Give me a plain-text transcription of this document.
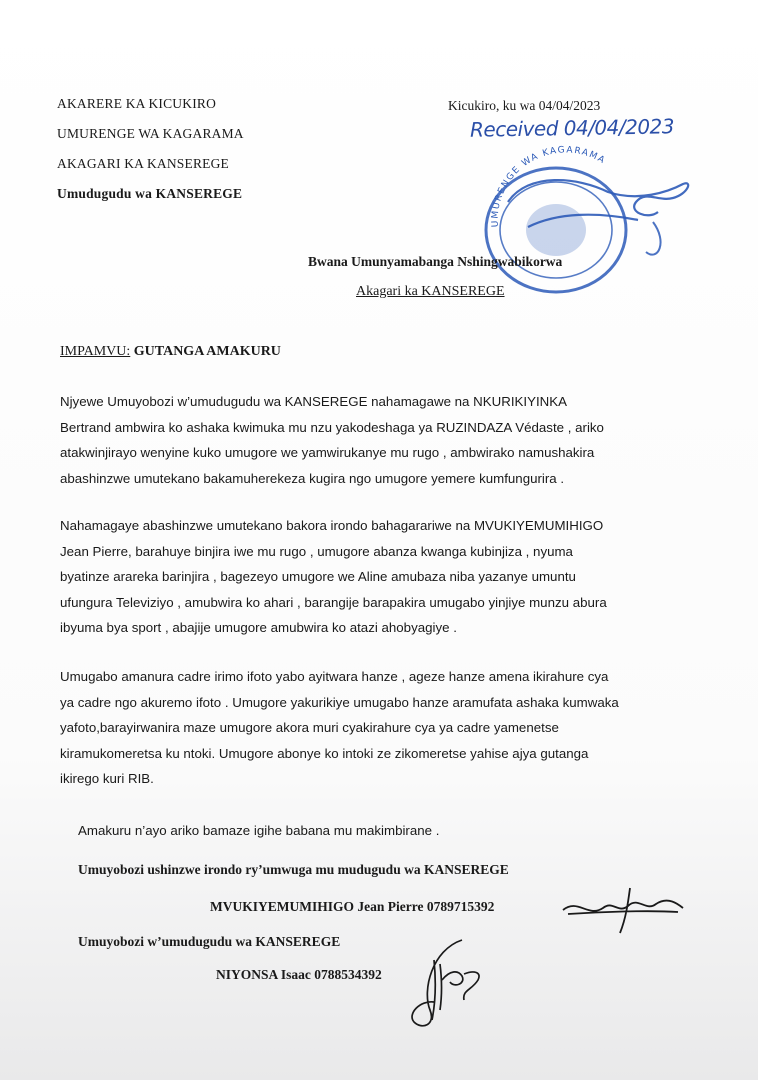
AKARERE KA KICUKIRO
UMURENGE WA KAGARAMA
AKAGARI KA KANSEREGE
Umudugudu wa KANSEREGE
Kicukiro, ku wa 04/04/2023
Received 04/04/2023
UMURENGE WA KAGARAMA
Bwana Umunyamabanga Nshingwabikorwa
Akagari ka KANSEREGE
IMPAMVU: GUTANGA AMAKURU
Njyewe Umuyobozi w’umudugudu wa KANSEREGE nahamagawe na NKURIKIYINKA
Bertrand ambwira ko ashaka kwimuka mu nzu yakodeshaga ya RUZINDAZA Védaste , ariko
atakwinjirayo wenyine kuko umugore we yamwirukanye mu rugo , ambwirako namushakira
abashinzwe umutekano bakamuherekeza kugira ngo umugore yemere kumfungurira .
Nahamagaye abashinzwe umutekano bakora irondo bahagarariwe na MVUKIYEMUMIHIGO
Jean Pierre, barahuye binjira iwe mu rugo , umugore abanza kwanga kubinjiza , nyuma
byatinze arareka barinjira , bagezeyo umugore we Aline amubaza niba yazanye umuntu
ufungura Televiziyo , amubwira ko ahari , barangije barapakira umugabo yinjiye munzu abura
ibyuma bya sport , abajije umugore amubwira ko atazi ahobyagiye .
Umugabo amanura cadre irimo ifoto yabo ayitwara hanze , ageze hanze amena ikirahure cya
ya cadre ngo akuremo ifoto . Umugore yakurikiye umugabo hanze aramufata ashaka kumwaka
yafoto,barayirwanira maze umugore akora muri cyakirahure cya ya cadre yamenetse
kiramukomeretsa ku ntoki. Umugore abonye ko intoki ze zikomeretse yahise ajya gutanga
ikirego kuri RIB.
Amakuru n’ayo ariko bamaze igihe babana mu makimbirane .
Umuyobozi ushinzwe irondo ry’umwuga mu mudugudu wa KANSEREGE
MVUKIYEMUMIHIGO Jean Pierre 0789715392
Umuyobozi w’umudugudu wa KANSEREGE
NIYONSA Isaac 0788534392
